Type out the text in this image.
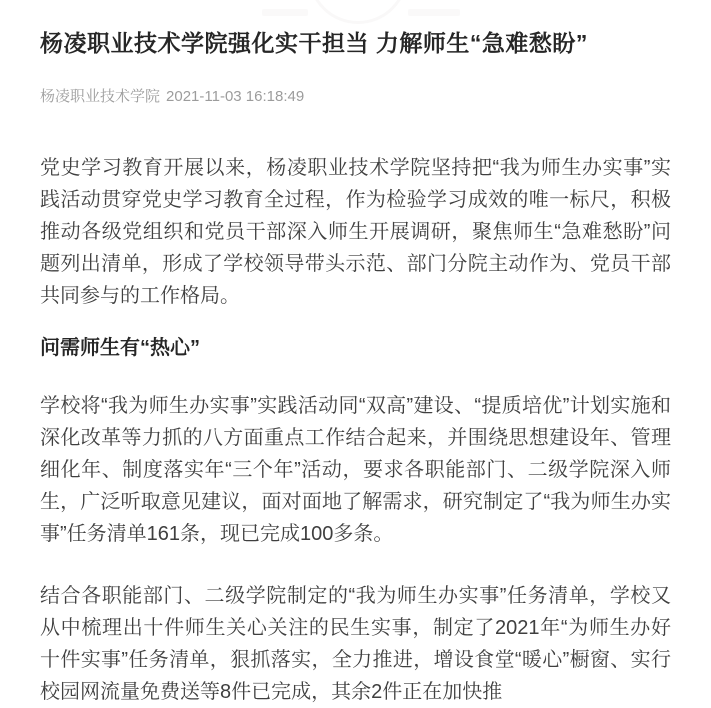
杨凌职业技术学院强化实干担当 力解师生“急难愁盼”
杨凌职业技术学院 2021-11-03 16:18:49

党史学习教育开展以来，杨凌职业技术学院坚持把“我为师生办实事”实践活动贯穿党史学习教育全过程，作为检验学习成效的唯一标尺，积极推动各级党组织和党员干部深入师生开展调研，聚焦师生“急难愁盼”问题列出清单，形成了学校领导带头示范、部门分院主动作为、党员干部共同参与的工作格局。

问需师生有“热心”

学校将“我为师生办实事”实践活动同“双高”建设、“提质培优”计划实施和深化改革等力抓的八方面重点工作结合起来，并围绕思想建设年、管理细化年、制度落实年“三个年”活动，要求各职能部门、二级学院深入师生，广泛听取意见建议，面对面地了解需求，研究制定了“我为师生办实事”任务清单161条，现已完成100多条。

结合各职能部门、二级学院制定的“我为师生办实事”任务清单，学校又从中梳理出十件师生关心关注的民生实事，制定了2021年“为师生办好十件实事”任务清单，狠抓落实，全力推进，增设食堂“暖心”橱窗、实行校园网流量免费送等8件已完成，其余2件正在加快推
